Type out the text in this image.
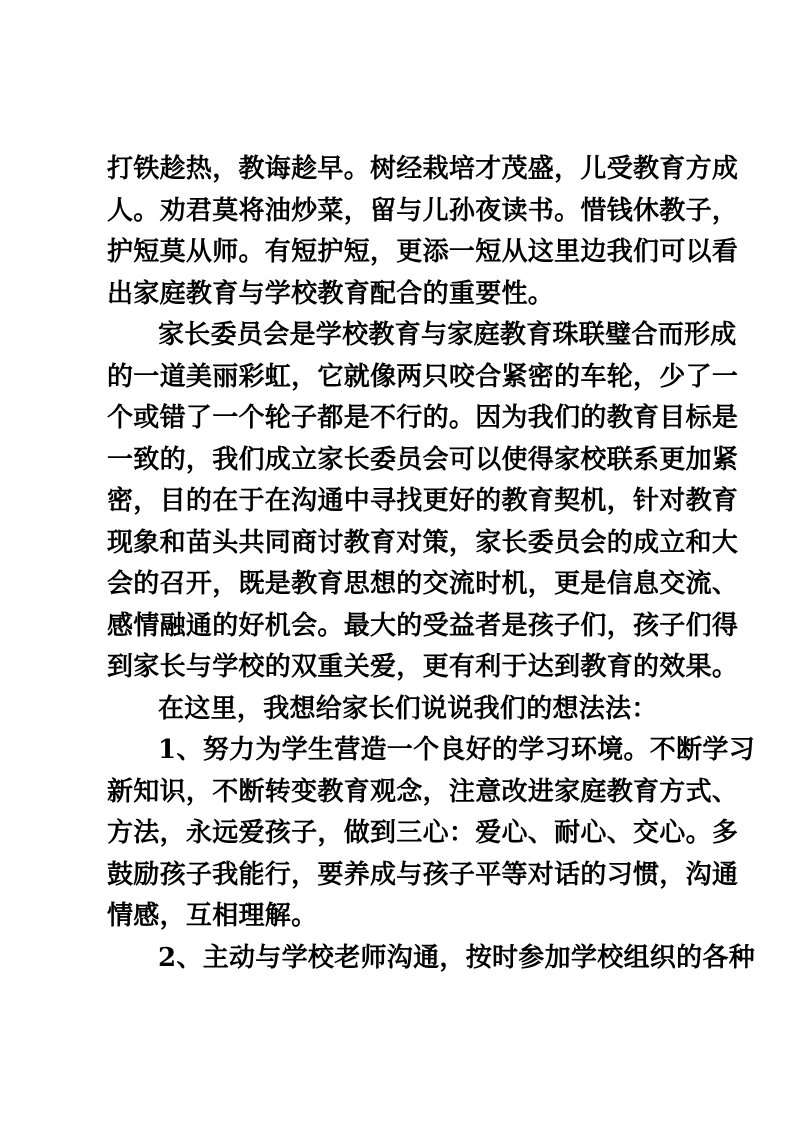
打铁趁热，教诲趁早。树经栽培才茂盛，儿受教育方成
人。劝君莫将油炒菜，留与儿孙夜读书。惜钱休教子，
护短莫从师。有短护短，更添一短从这里边我们可以看
出家庭教育与学校教育配合的重要性。
家长委员会是学校教育与家庭教育珠联璧合而形成
的一道美丽彩虹，它就像两只咬合紧密的车轮，少了一
个或错了一个轮子都是不行的。因为我们的教育目标是
一致的，我们成立家长委员会可以使得家校联系更加紧
密，目的在于在沟通中寻找更好的教育契机，针对教育
现象和苗头共同商讨教育对策，家长委员会的成立和大
会的召开，既是教育思想的交流时机，更是信息交流、
感情融通的好机会。最大的受益者是孩子们，孩子们得
到家长与学校的双重关爱，更有利于达到教育的效果。
在这里，我想给家长们说说我们的想法法：
1、努力为学生营造一个良好的学习环境。不断学习
新知识，不断转变教育观念，注意改进家庭教育方式、
方法，永远爱孩子，做到三心：爱心、耐心、交心。多
鼓励孩子我能行，要养成与孩子平等对话的习惯，沟通
情感，互相理解。
2、主动与学校老师沟通，按时参加学校组织的各种
